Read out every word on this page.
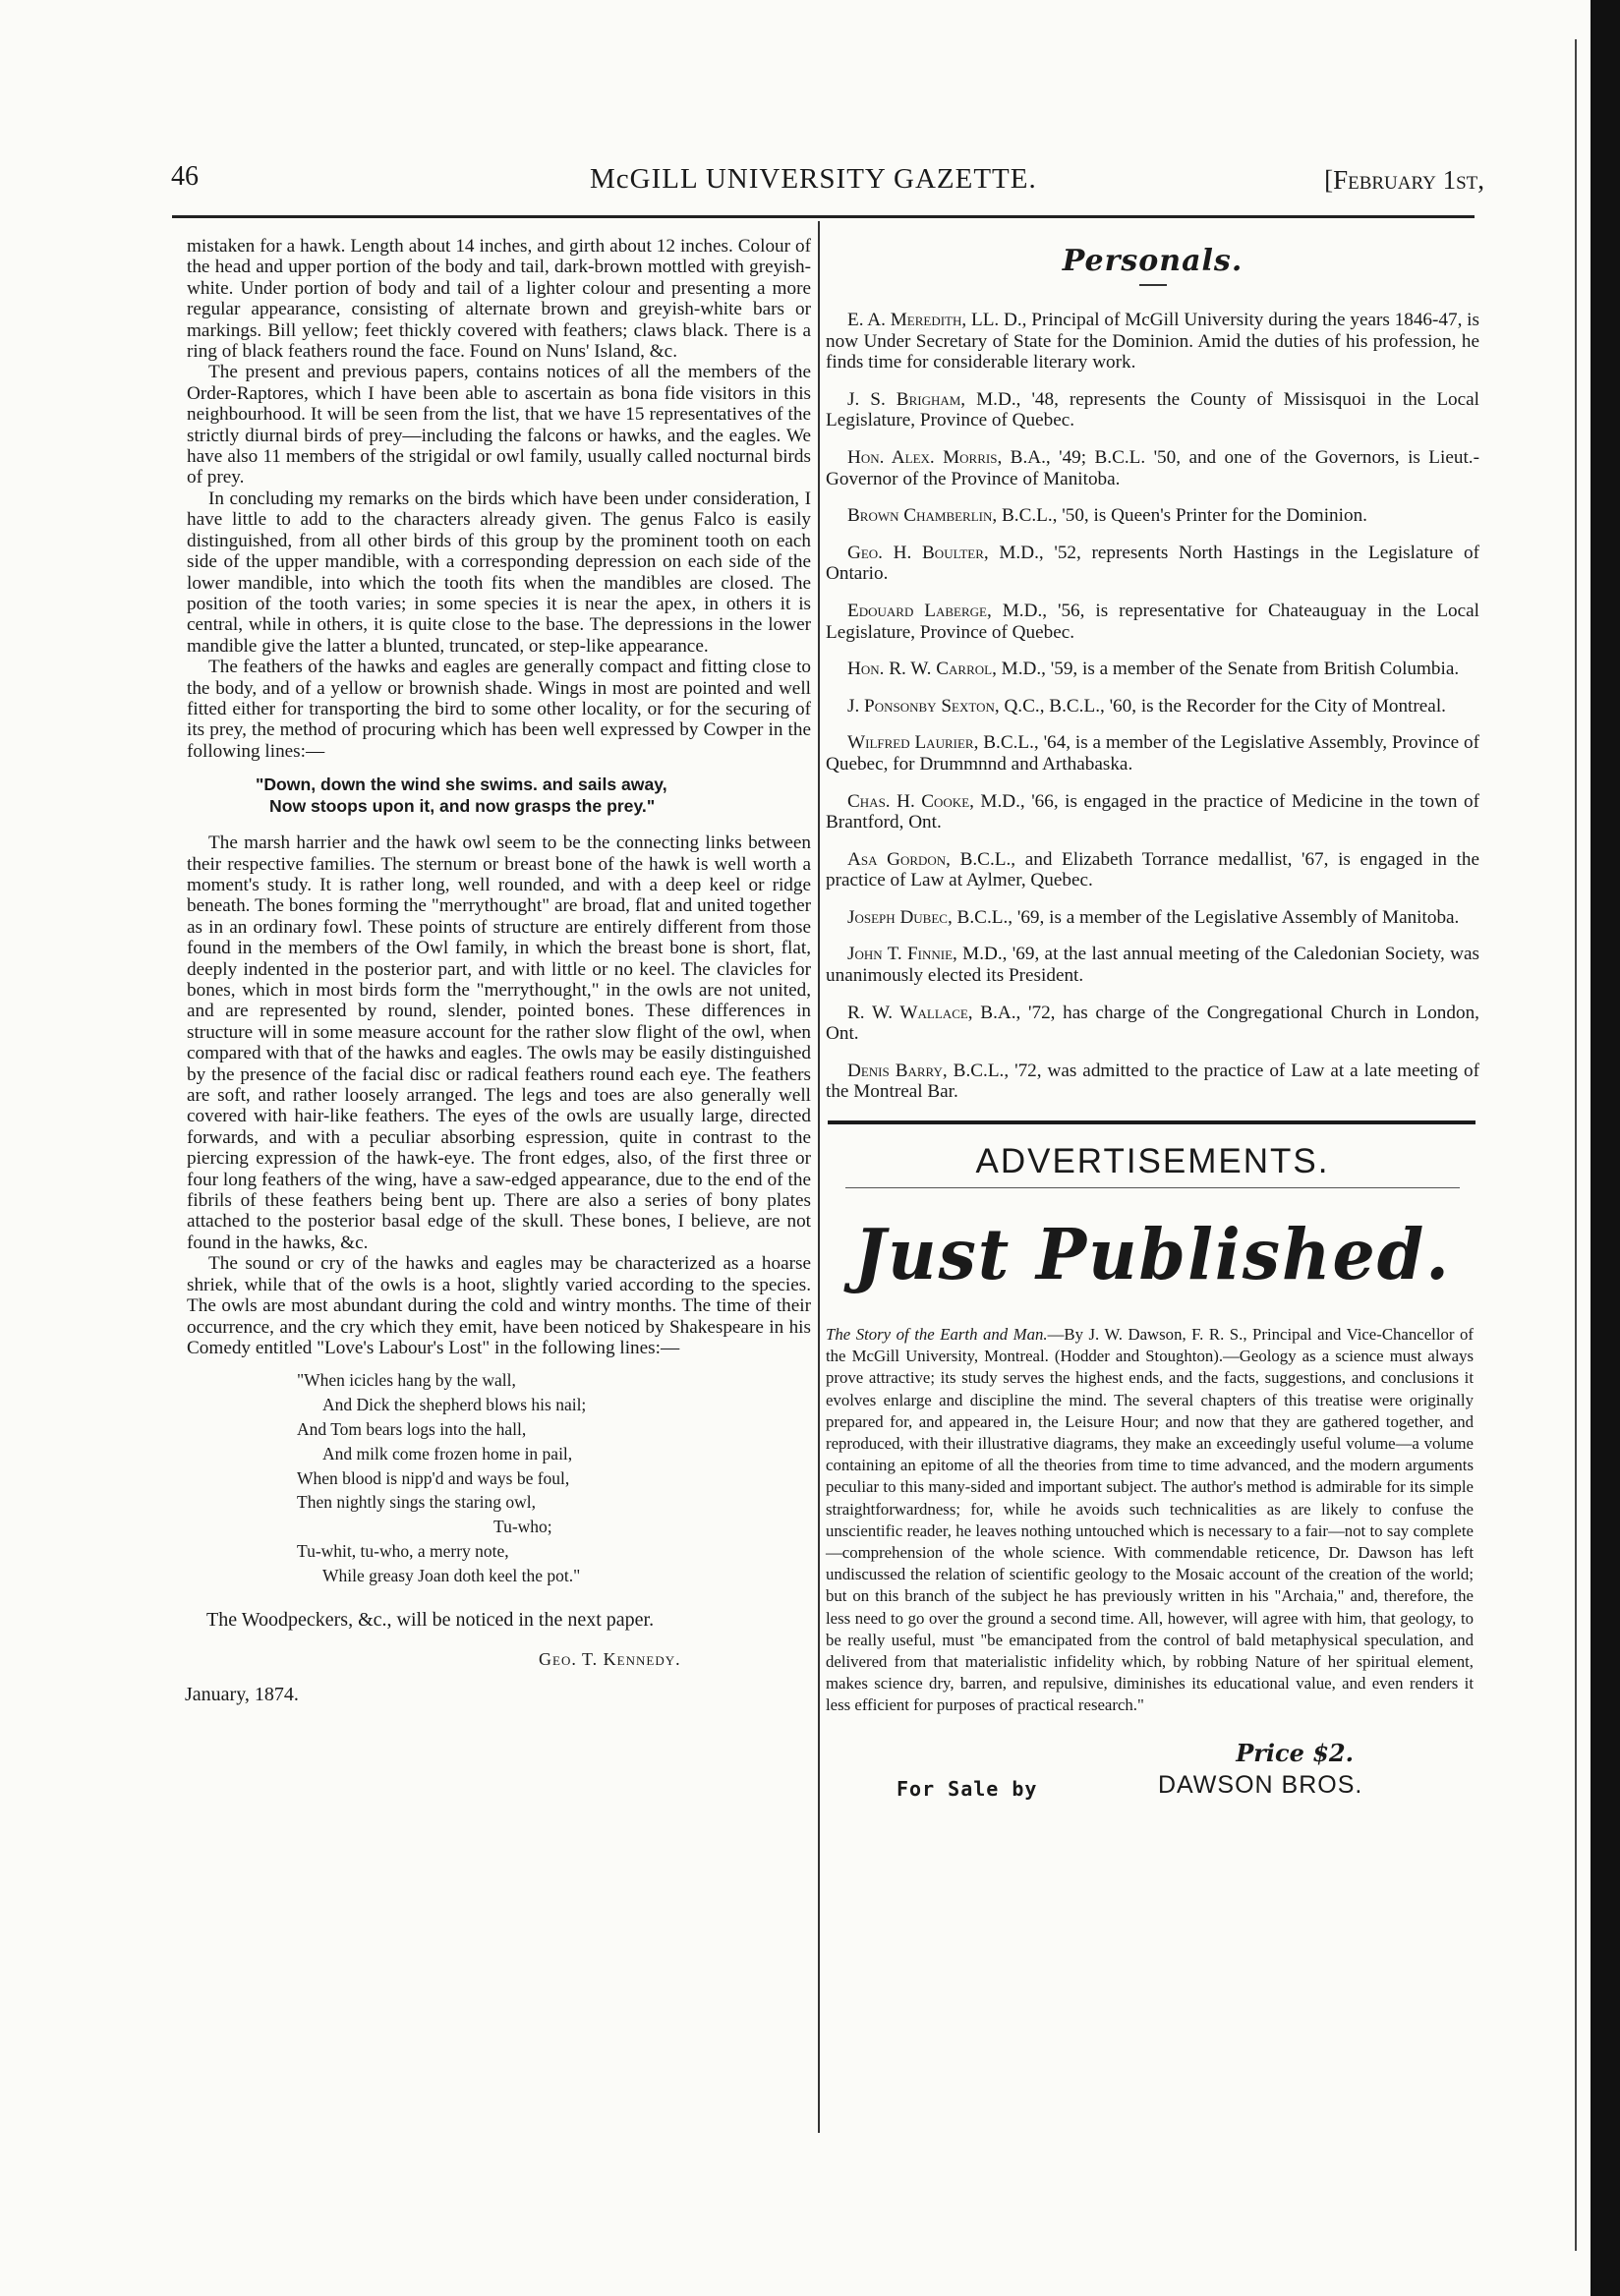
46	McGILL UNIVERSITY GAZETTE.	[February 1st,

mistaken for a hawk. Length about 14 inches, and girth about 12 inches. Colour of the head and upper portion of the body and tail, dark-brown mottled with greyish-white. Under portion of body and tail of a lighter colour and presenting a more regular appearance, consisting of alternate brown and greyish-white bars or markings. Bill yellow; feet thickly covered with feathers; claws black. There is a ring of black feathers round the face. Found on Nuns' Island, &c.

The present and previous papers, contains notices of all the members of the Order-Raptores, which I have been able to ascertain as bona fide visitors in this neighbourhood. It will be seen from the list, that we have 15 representatives of the strictly diurnal birds of prey—including the falcons or hawks, and the eagles. We have also 11 members of the strigidal or owl family, usually called nocturnal birds of prey.

In concluding my remarks on the birds which have been under consideration, I have little to add to the characters already given. The genus Falco is easily distinguished, from all other birds of this group by the prominent tooth on each side of the upper mandible, with a corresponding depression on each side of the lower mandible, into which the tooth fits when the mandibles are closed. The position of the tooth varies; in some species it is near the apex, in others it is central, while in others, it is quite close to the base. The depressions in the lower mandible give the latter a blunted, truncated, or step-like appearance.

The feathers of the hawks and eagles are generally compact and fitting close to the body, and of a yellow or brownish shade. Wings in most are pointed and well fitted either for transporting the bird to some other locality, or for the securing of its prey, the method of procuring which has been well expressed by Cowper in the following lines:—

"Down, down the wind she swims. and sails away,
Now stoops upon it, and now grasps the prey."

The marsh harrier and the hawk owl seem to be the connecting links between their respective families. The sternum or breast bone of the hawk is well worth a moment's study. It is rather long, well rounded, and with a deep keel or ridge beneath. The bones forming the "merrythought" are broad, flat and united together as in an ordinary fowl. These points of structure are entirely different from those found in the members of the Owl family, in which the breast bone is short, flat, deeply indented in the posterior part, and with little or no keel. The clavicles for bones, which in most birds form the "merrythought," in the owls are not united, and are represented by round, slender, pointed bones. These differences in structure will in some measure account for the rather slow flight of the owl, when compared with that of the hawks and eagles. The owls may be easily distinguished by the presence of the facial disc or radical feathers round each eye. The feathers are soft, and rather loosely arranged. The legs and toes are also generally well covered with hair-like feathers. The eyes of the owls are usually large, directed forwards, and with a peculiar absorbing espression, quite in contrast to the piercing expression of the hawk-eye. The front edges, also, of the first three or four long feathers of the wing, have a saw-edged appearance, due to the end of the fibrils of these feathers being bent up. There are also a series of bony plates attached to the posterior basal edge of the skull. These bones, I believe, are not found in the hawks, &c.

The sound or cry of the hawks and eagles may be characterized as a hoarse shriek, while that of the owls is a hoot, slightly varied according to the species. The owls are most abundant during the cold and wintry months. The time of their occurrence, and the cry which they emit, have been noticed by Shakespeare in his Comedy entitled "Love's Labour's Lost" in the following lines:—

"When icicles hang by the wall,
And Dick the shepherd blows his nail;
And Tom bears logs into the hall,
And milk come frozen home in pail,
When blood is nipp'd and ways be foul,
Then nightly sings the staring owl,
Tu-who;
Tu-whit, tu-who, a merry note,
While greasy Joan doth keel the pot."
The Woodpeckers, &c., will be noticed in the next paper.
Geo. T. Kennedy.
January, 1874.
Personals.

E. A. Meredith, LL. D., Principal of McGill University during the years 1846-47, is now Under Secretary of State for the Dominion. Amid the duties of his profession, he finds time for considerable literary work.

J. S. Brigham, M.D., '48, represents the County of Missisquoi in the Local Legislature, Province of Quebec.

Hon. Alex. Morris, B.A., '49; B.C.L. '50, and one of the Governors, is Lieut.-Governor of the Province of Manitoba.

Brown Chamberlin, B.C.L., '50, is Queen's Printer for the Dominion.

Geo. H. Boulter, M.D., '52, represents North Hastings in the Legislature of Ontario.

Edouard Laberge, M.D., '56, is representative for Chateauguay in the Local Legislature, Province of Quebec.

Hon. R. W. Carrol, M.D., '59, is a member of the Senate from British Columbia.

J. Ponsonby Sexton, Q.C., B.C.L., '60, is the Recorder for the City of Montreal.

Wilfred Laurier, B.C.L., '64, is a member of the Legislative Assembly, Province of Quebec, for Drummnnd and Arthabaska.

Chas. H. Cooke, M.D., '66, is engaged in the practice of Medicine in the town of Brantford, Ont.

Asa Gordon, B.C.L., and Elizabeth Torrance medallist, '67, is engaged in the practice of Law at Aylmer, Quebec.

Joseph Dubec, B.C.L., '69, is a member of the Legislative Assembly of Manitoba.

John T. Finnie, M.D., '69, at the last annual meeting of the Caledonian Society, was unanimously elected its President.

R. W. Wallace, B.A., '72, has charge of the Congregational Church in London, Ont.

Denis Barry, B.C.L., '72, was admitted to the practice of Law at a late meeting of the Montreal Bar.

ADVERTISEMENTS.
Just Published.

The Story of the Earth and Man.—By J. W. Dawson, F. R. S., Principal and Vice-Chancellor of the McGill University, Montreal. (Hodder and Stoughton).—Geology as a science must always prove attractive; its study serves the highest ends, and the facts, suggestions, and conclusions it evolves enlarge and discipline the mind. The several chapters of this treatise were originally prepared for, and appeared in, the Leisure Hour; and now that they are gathered together, and reproduced, with their illustrative diagrams, they make an exceedingly useful volume—a volume containing an epitome of all the theories from time to time advanced, and the modern arguments peculiar to this many-sided and important subject. The author's method is admirable for its simple straightforwardness; for, while he avoids such technicalities as are likely to confuse the unscientific reader, he leaves nothing untouched which is necessary to a fair—not to say complete—comprehension of the whole science. With commendable reticence, Dr. Dawson has left undiscussed the relation of scientific geology to the Mosaic account of the creation of the world; but on this branch of the subject he has previously written in his "Archaia," and, therefore, the less need to go over the ground a second time. All, however, will agree with him, that geology, to be really useful, must "be emancipated from the control of bald metaphysical speculation, and delivered from that materialistic infidelity which, by robbing Nature of her spiritual element, makes science dry, barren, and repulsive, diminishes its educational value, and even renders it less efficient for purposes of practical research."

Price $2.
For Sale by	DAWSON BROS.
